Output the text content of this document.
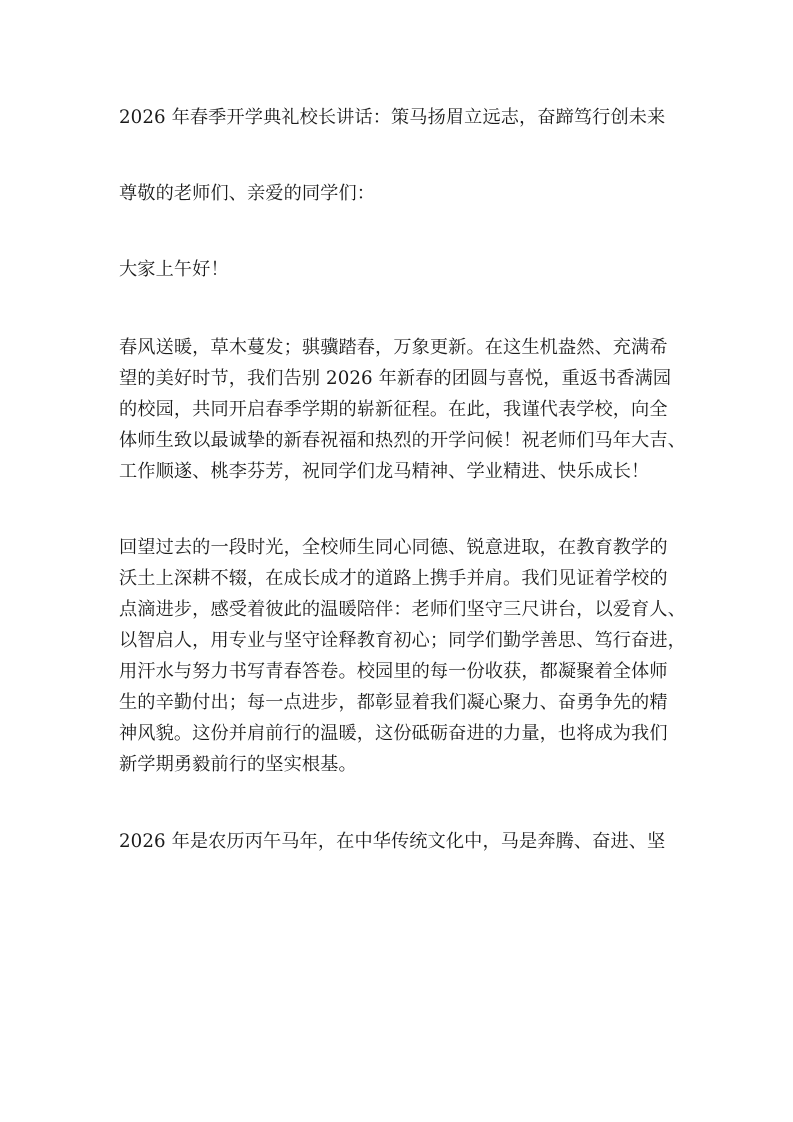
2026 年春季开学典礼校长讲话：策马扬眉立远志，奋蹄笃行创未来
尊敬的老师们、亲爱的同学们：
大家上午好！
春风送暖，草木蔓发；骐骥踏春，万象更新。在这生机盎然、充满希
望的美好时节，我们告别 2026 年新春的团圆与喜悦，重返书香满园
的校园，共同开启春季学期的崭新征程。在此，我谨代表学校，向全
体师生致以最诚挚的新春祝福和热烈的开学问候！祝老师们马年大吉、
工作顺遂、桃李芬芳，祝同学们龙马精神、学业精进、快乐成长！
回望过去的一段时光，全校师生同心同德、锐意进取，在教育教学的
沃土上深耕不辍，在成长成才的道路上携手并肩。我们见证着学校的
点滴进步，感受着彼此的温暖陪伴：老师们坚守三尺讲台，以爱育人、
以智启人，用专业与坚守诠释教育初心；同学们勤学善思、笃行奋进，
用汗水与努力书写青春答卷。校园里的每一份收获，都凝聚着全体师
生的辛勤付出；每一点进步，都彰显着我们凝心聚力、奋勇争先的精
神风貌。这份并肩前行的温暖，这份砥砺奋进的力量，也将成为我们
新学期勇毅前行的坚实根基。
2026 年是农历丙午马年，在中华传统文化中，马是奔腾、奋进、坚
